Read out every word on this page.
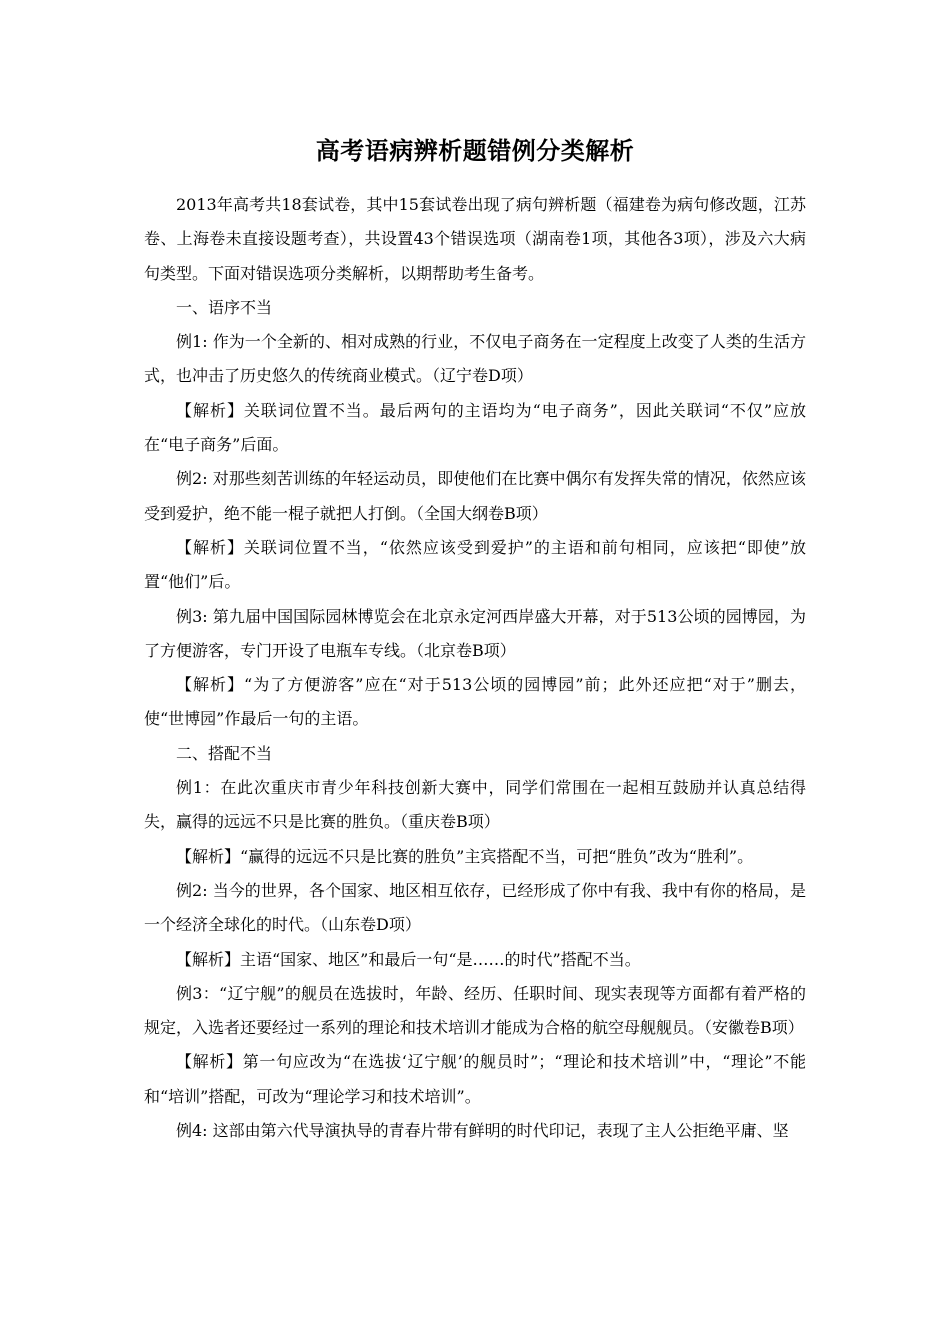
高考语病辨析题错例分类解析

2013年高考共18套试卷，其中15套试卷出现了病句辨析题（福建卷为病句修改题，江苏卷、上海卷未直接设题考查），共设置43个错误选项（湖南卷1项，其他各3项），涉及六大病句类型。下面对错误选项分类解析，以期帮助考生备考。

一、语序不当

例1: 作为一个全新的、相对成熟的行业，不仅电子商务在一定程度上改变了人类的生活方式，也冲击了历史悠久的传统商业模式。（辽宁卷D项）

【解析】关联词位置不当。最后两句的主语均为“电子商务”，因此关联词“不仅”应放在“电子商务”后面。

例2: 对那些刻苦训练的年轻运动员，即使他们在比赛中偶尔有发挥失常的情况，依然应该受到爱护，绝不能一棍子就把人打倒。（全国大纲卷B项）

【解析】关联词位置不当，“依然应该受到爱护”的主语和前句相同，应该把“即使”放置“他们”后。

例3: 第九届中国国际园林博览会在北京永定河西岸盛大开幕，对于513公顷的园博园，为了方便游客，专门开设了电瓶车专线。（北京卷B项）

【解析】“为了方便游客”应在“对于513公顷的园博园”前；此外还应把“对于”删去，使“世博园”作最后一句的主语。

二、搭配不当

例1：在此次重庆市青少年科技创新大赛中，同学们常围在一起相互鼓励并认真总结得失，赢得的远远不只是比赛的胜负。（重庆卷B项）

【解析】“赢得的远远不只是比赛的胜负”主宾搭配不当，可把“胜负”改为“胜利”。

例2: 当今的世界，各个国家、地区相互依存，已经形成了你中有我、我中有你的格局，是一个经济全球化的时代。（山东卷D项）

【解析】主语“国家、地区”和最后一句“是……的时代”搭配不当。

例3：“辽宁舰”的舰员在选拔时，年龄、经历、任职时间、现实表现等方面都有着严格的规定，入选者还要经过一系列的理论和技术培训才能成为合格的航空母舰舰员。（安徽卷B项）

【解析】第一句应改为“在选拔‘辽宁舰’的舰员时”；“理论和技术培训”中，“理论”不能和“培训”搭配，可改为“理论学习和技术培训”。

例4: 这部由第六代导演执导的青春片带有鲜明的时代印记，表现了主人公拒绝平庸、坚
